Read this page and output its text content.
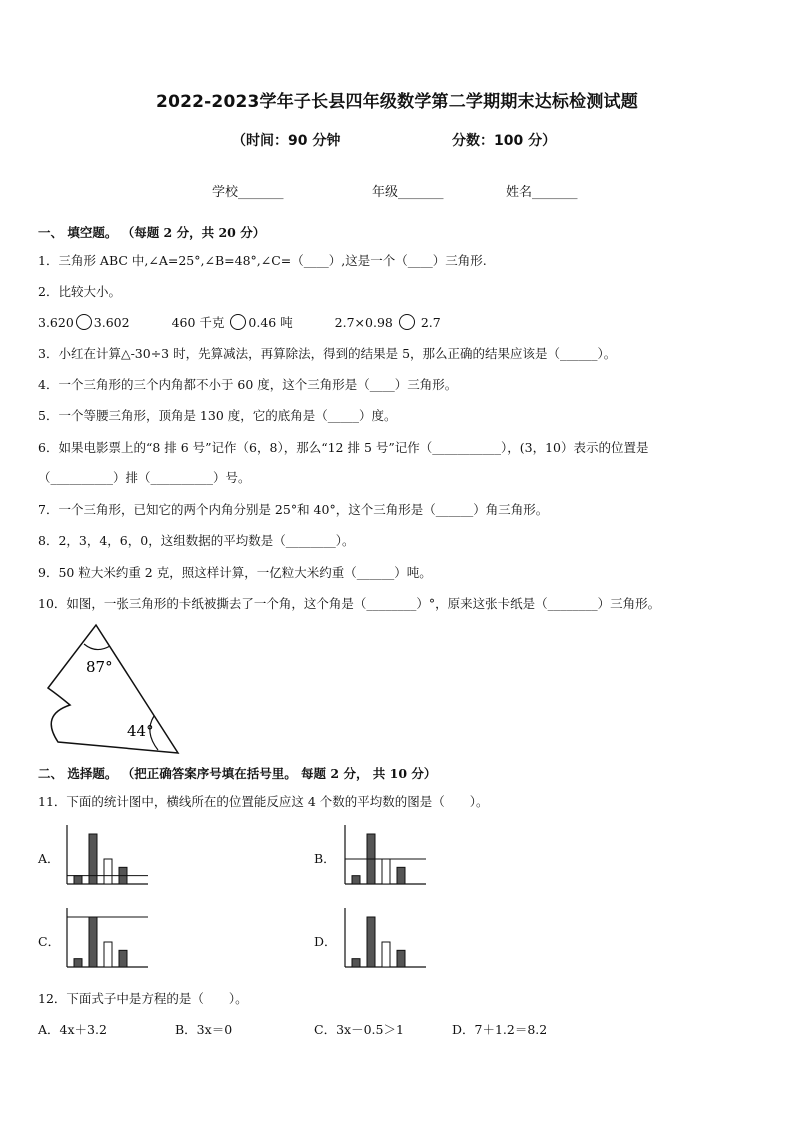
2022-2023学年子长县四年级数学第二学期期末达标检测试题
（时间：90 分钟	分数：100 分）
学校_______	年级_______	姓名_______
一、 填空题。 （每题 2 分，共 20 分）
1．三角形 ABC 中,∠A=25°,∠B=48°,∠C=（____）,这是一个（____）三角形.
2．比较大小。
3.620 3.602	460 千克 0.46 吨	2.7×0.98 2.7
3．小红在计算△-30÷3 时，先算减法，再算除法，得到的结果是 5，那么正确的结果应该是（______）。
4．一个三角形的三个内角都不小于 60 度，这个三角形是（____）三角形。
5．一个等腰三角形，顶角是 130 度，它的底角是（_____）度。
6．如果电影票上的“8 排 6 号”记作（6，8），那么“12 排 5 号”记作（___________），(3，10）表示的位置是
（__________）排（__________）号。
7．一个三角形，已知它的两个内角分别是 25°和 40°，这个三角形是（______）角三角形。
8．2，3，4，6，0，这组数据的平均数是（________）。
9．50 粒大米约重 2 克，照这样计算，一亿粒大米约重（______）吨。
10．如图，一张三角形的卡纸被撕去了一个角，这个角是（________）°，原来这张卡纸是（________）三角形。
87°
44°
二、 选择题。 （把正确答案序号填在括号里。 每题 2 分， 共 10 分）
11．下面的统计图中，横线所在的位置能反应这 4 个数的平均数的图是（　　）。
A．	B．
C．	D．
12．下面式子中是方程的是（　　）。
A．4x＋3.2	B．3x＝0	C．3x－0.5＞1	D．7＋1.2＝8.2
